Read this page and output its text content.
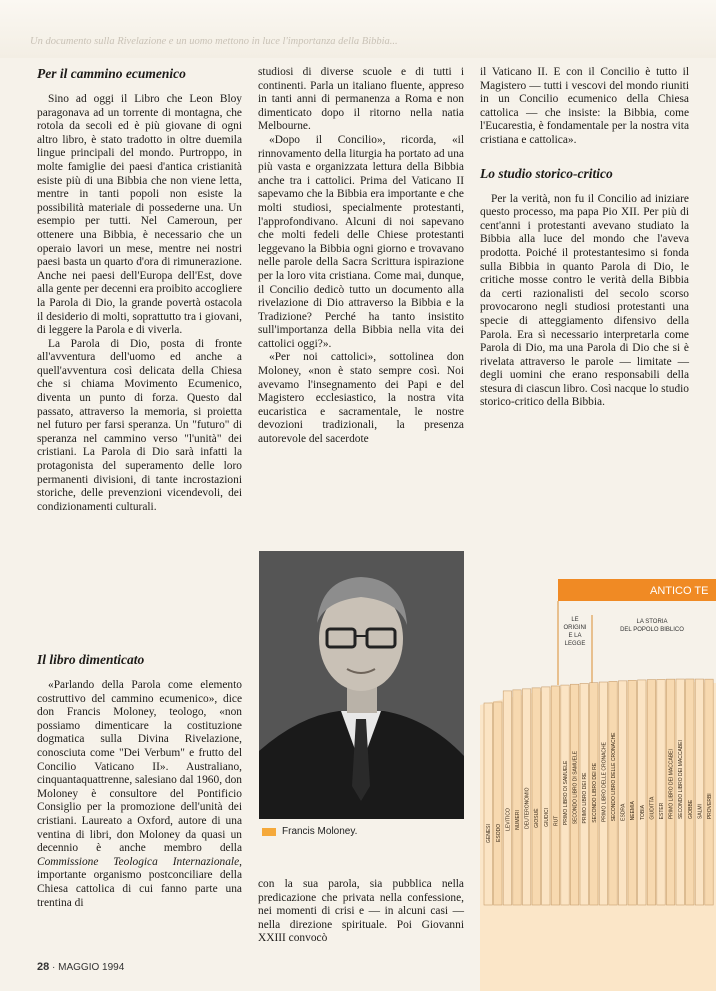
Un documento sulla Rivelazione e un uomo mettono in luce l'importanza della Bibbia...
Per il cammino ecumenico

Sino ad oggi il Libro che Leon Bloy paragonava ad un torrente di montagna, che rotola da secoli ed è più giovane di ogni altro libro, è stato tradotto in oltre duemila lingue principali del mondo. Purtroppo, in molte famiglie dei paesi d'antica cristianità esiste più di una Bibbia che non viene letta, mentre in tanti popoli non esiste la possibilità materiale di possederne una. Un esempio per tutti. Nel Cameroun, per ottenere una Bibbia, è necessario che un operaio lavori un mese, mentre nei nostri paesi basta un quarto d'ora di rimunerazione. Anche nei paesi dell'Europa dell'Est, dove alla gente per decenni era proibito accogliere la Parola di Dio, la grande povertà ostacola il desiderio di molti, soprattutto tra i giovani, di leggere la Parola e di viverla.

La Parola di Dio, posta di fronte all'avventura dell'uomo ed anche a quell'avventura così delicata della Chiesa che si chiama Movimento Ecumenico, diventa un punto di forza. Questo dal passato, attraverso la memoria, si proietta nel futuro per farsi speranza. Un "futuro" di speranza nel cammino verso "l'unità" dei cristiani. La Parola di Dio sarà infatti la protagonista del superamento delle loro permanenti divisioni, di tante incrostazioni storiche, delle prevenzioni vicendevoli, dei condizionamenti culturali.

Il libro dimenticato

«Parlando della Parola come elemento costruttivo del cammino ecumenico», dice don Francis Moloney, teologo, «non possiamo dimenticare la costituzione dogmatica sulla Divina Rivelazione, conosciuta come "Dei Verbum" e frutto del Concilio Vaticano II». Australiano, cinquantaquattrenne, salesiano dal 1960, don Moloney è consultore del Pontificio Consiglio per la promozione dell'unità dei cristiani. Laureato a Oxford, autore di una ventina di libri, don Moloney da quasi un decennio è anche membro della Commissione Teologica Internazionale, importante organismo postconciliare della Chiesa cattolica di cui fanno parte una trentina di

studiosi di diverse scuole e di tutti i continenti. Parla un italiano fluente, appreso in tanti anni di permanenza a Roma e non dimenticato dopo il ritorno nella natia Melbourne.

«Dopo il Concilio», ricorda, «il rinnovamento della liturgia ha portato ad una più vasta e organizzata lettura della Bibbia anche tra i cattolici. Prima del Vaticano II sapevamo che la Bibbia era importante e che molti studiosi, specialmente protestanti, l'approfondivano. Alcuni di noi sapevano che molti fedeli delle Chiese protestanti leggevano la Bibbia ogni giorno e trovavano nelle parole della Sacra Scrittura ispirazione per la loro vita cristiana. Come mai, dunque, il Concilio dedicò tutto un documento alla rivelazione di Dio attraverso la Bibbia e la Tradizione? Perché ha tanto insistito sull'importanza della Bibbia nella vita dei cattolici oggi?».

«Per noi cattolici», sottolinea don Moloney, «non è stato sempre così. Noi avevamo l'insegnamento dei Papi e del Magistero ecclesiastico, la nostra vita eucaristica e sacramentale, le nostre devozioni tradizionali, la presenza autorevole del sacerdote

Francis Moloney.

con la sua parola, sia pubblica nella predicazione che privata nella confessione, nei momenti di crisi e — in alcuni casi — nella direzione spirituale. Poi Giovanni XXIII convocò

il Vaticano II. E con il Concilio è tutto il Magistero — tutti i vescovi del mondo riuniti in un Concilio ecumenico della Chiesa cattolica — che insiste: la Bibbia, come l'Eucarestia, è fondamentale per la nostra vita cristiana e cattolica».

Lo studio storico-critico

Per la verità, non fu il Concilio ad iniziare questo processo, ma papa Pio XII. Per più di cent'anni i protestanti avevano studiato la Bibbia alla luce del mondo che l'aveva prodotta. Poiché il protestantesimo si fonda sulla Bibbia in quanto Parola di Dio, le critiche mosse contro le verità della Bibbia da certi razionalisti del secolo scorso provocarono negli studiosi protestanti una specie di atteggiamento difensivo della Parola. Era sì necessario interpretarla come Parola di Dio, ma una Parola di Dio che si è rivelata attraverso le parole — limitate — degli uomini che erano responsabili della stesura di ciascun libro. Così nacque lo studio storico-critico della Bibbia.

ANTICO TE
LE
ORIGINI
E LA
LEGGE
LA STORIA
DEL POPOLO BIBLICO
GENESI ESODO
LEVITICO NUMERI DEUTERONOMIO GIOSUÈ GIUDICI RUT PRIMO LIBRO DI SAMUELE SECONDO LIBRO DI SAMUELE PRIMO LIBRO DEI RE SECONDO LIBRO DEI RE PRIMO LIBRO DELLE CRONACHE SECONDO LIBRO DELLE CRONACHE ESDRA NEEMIA TOBIA GIUDITTA ESTER PRIMO LIBRO DEI MACCABEI SECONDO LIBRO DEI MACCABEI GIOBBE SALMI PROVERBI
28 · MAGGIO 1994
